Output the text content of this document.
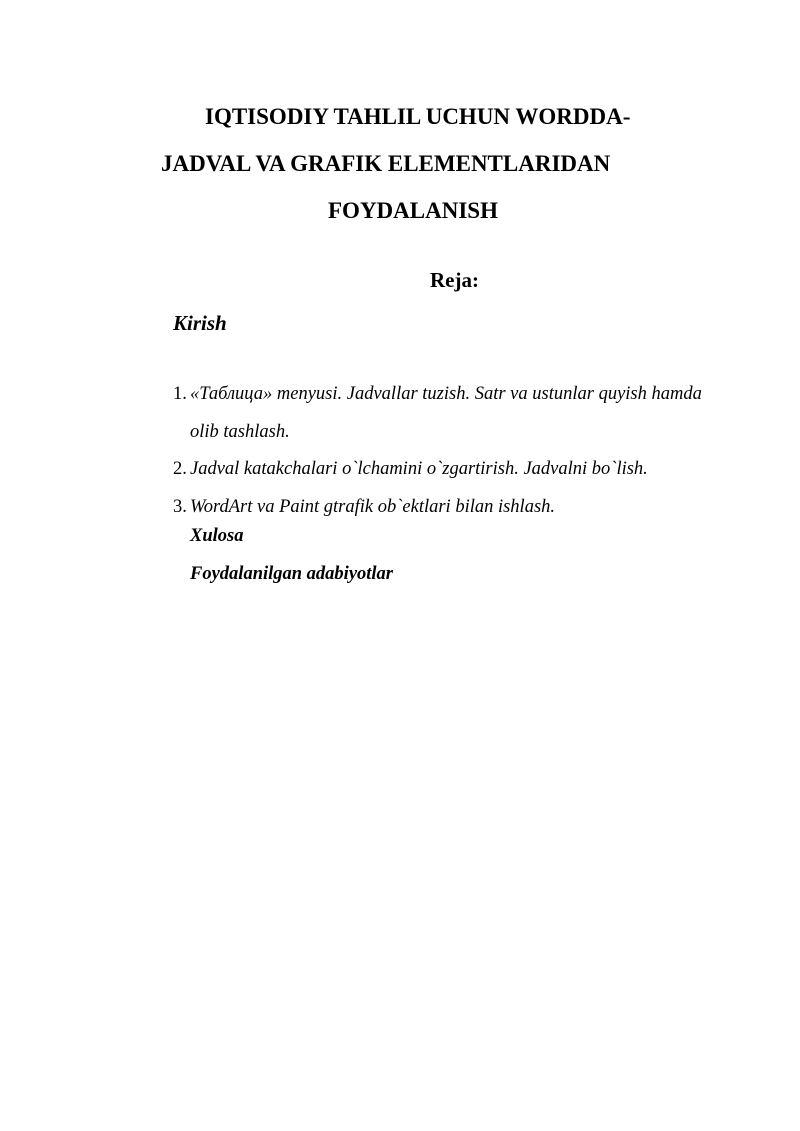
IQTISODIY TAHLIL UCHUN WORDDA-
JADVAL VA GRAFIK ELEMENTLARIDAN
FOYDALANISH
Reja:
Kirish
1. «Таблица» menyusi. Jadvallar tuzish. Satr va ustunlar quyish hamda olib tashlash.
2. Jadval katakchalari o`lchamini o`zgartirish. Jadvalni bo`lish.
3. WordArt va Paint gtrafik ob`ektlari bilan ishlash.
Xulosa
Foydalanilgan adabiyotlar
